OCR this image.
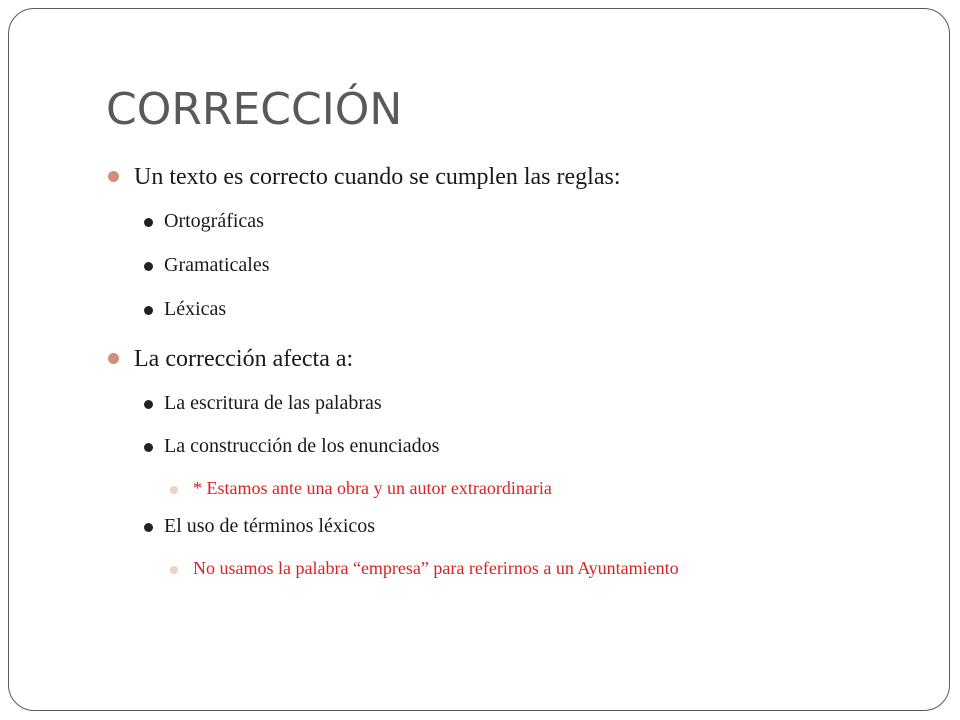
CORRECCIÓN
Un texto es correcto cuando se cumplen las reglas:
Ortográficas
Gramaticales
Léxicas
La corrección afecta a:
La escritura de las palabras
La construcción de los enunciados
* Estamos ante una obra y un autor extraordinaria
El uso de términos léxicos
No usamos la palabra “empresa” para referirnos a un Ayuntamiento
